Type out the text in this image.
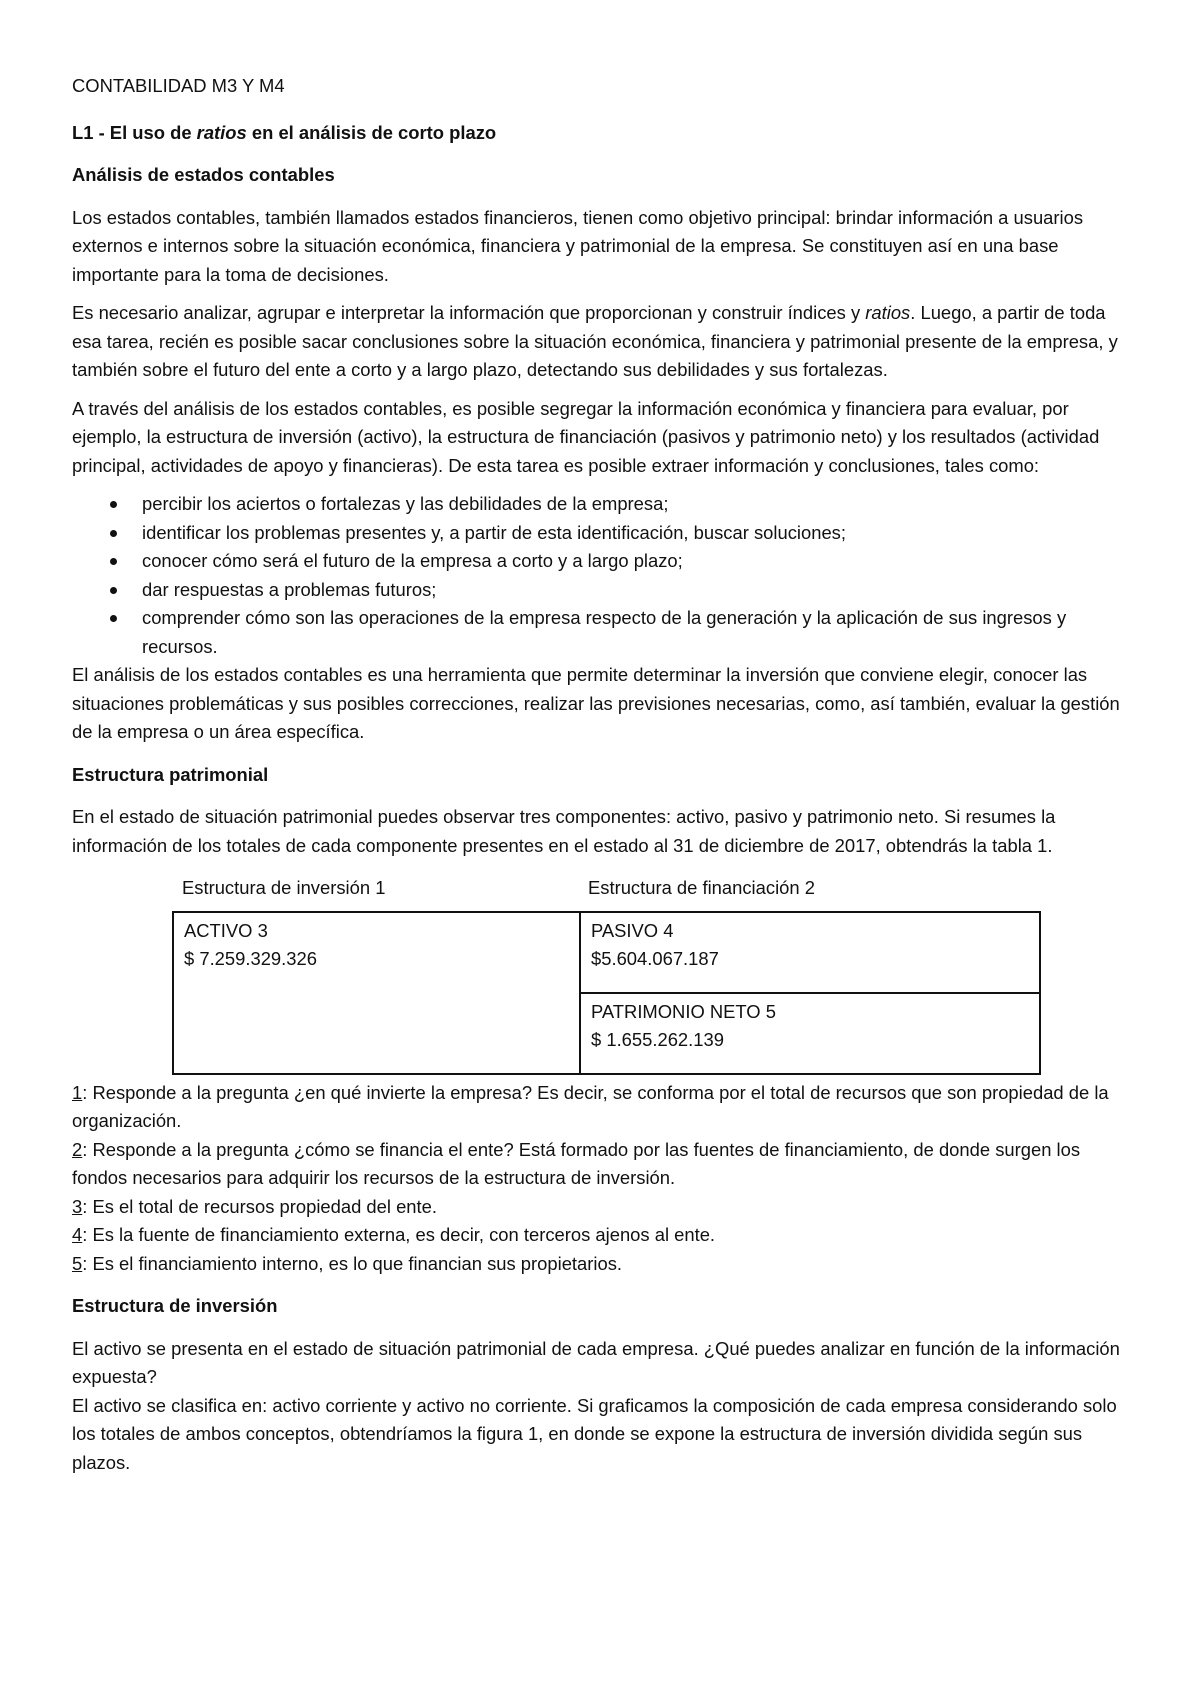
CONTABILIDAD M3 Y M4

L1 - El uso de ratios en el análisis de corto plazo

Análisis de estados contables

Los estados contables, también llamados estados financieros, tienen como objetivo principal: brindar información a usuarios externos e internos sobre la situación económica, financiera y patrimonial de la empresa. Se constituyen así en una base importante para la toma de decisiones.

Es necesario analizar, agrupar e interpretar la información que proporcionan y construir índices y ratios. Luego, a partir de toda esa tarea, recién es posible sacar conclusiones sobre la situación económica, financiera y patrimonial presente de la empresa, y también sobre el futuro del ente a corto y a largo plazo, detectando sus debilidades y sus fortalezas.

A través del análisis de los estados contables, es posible segregar la información económica y financiera para evaluar, por ejemplo, la estructura de inversión (activo), la estructura de financiación (pasivos y patrimonio neto) y los resultados (actividad principal, actividades de apoyo y financieras). De esta tarea es posible extraer información y conclusiones, tales como:

percibir los aciertos o fortalezas y las debilidades de la empresa;
identificar los problemas presentes y, a partir de esta identificación, buscar soluciones;
conocer cómo será el futuro de la empresa a corto y a largo plazo;
dar respuestas a problemas futuros;
comprender cómo son las operaciones de la empresa respecto de la generación y la aplicación de sus ingresos y recursos.

El análisis de los estados contables es una herramienta que permite determinar la inversión que conviene elegir, conocer las situaciones problemáticas y sus posibles correcciones, realizar las previsiones necesarias, como, así también, evaluar la gestión de la empresa o un área específica.

Estructura patrimonial

En el estado de situación patrimonial puedes observar tres componentes: activo, pasivo y patrimonio neto. Si resumes la información de los totales de cada componente presentes en el estado al 31 de diciembre de 2017, obtendrás la tabla 1.

Estructura de inversión 1	Estructura de financiación 2
ACTIVO 3
$ 7.259.329.326

PASIVO 4
$5.604.067.187

PATRIMONIO NETO 5
$ 1.655.262.139
1: Responde a la pregunta ¿en qué invierte la empresa? Es decir, se conforma por el total de recursos que son propiedad de la organización.
2: Responde a la pregunta ¿cómo se financia el ente? Está formado por las fuentes de financiamiento, de donde surgen los fondos necesarios para adquirir los recursos de la estructura de inversión.
3: Es el total de recursos propiedad del ente.
4: Es la fuente de financiamiento externa, es decir, con terceros ajenos al ente.
5: Es el financiamiento interno, es lo que financian sus propietarios.

Estructura de inversión

El activo se presenta en el estado de situación patrimonial de cada empresa. ¿Qué puedes analizar en función de la información expuesta?

El activo se clasifica en: activo corriente y activo no corriente. Si graficamos la composición de cada empresa considerando solo los totales de ambos conceptos, obtendríamos la figura 1, en donde se expone la estructura de inversión dividida según sus plazos.
